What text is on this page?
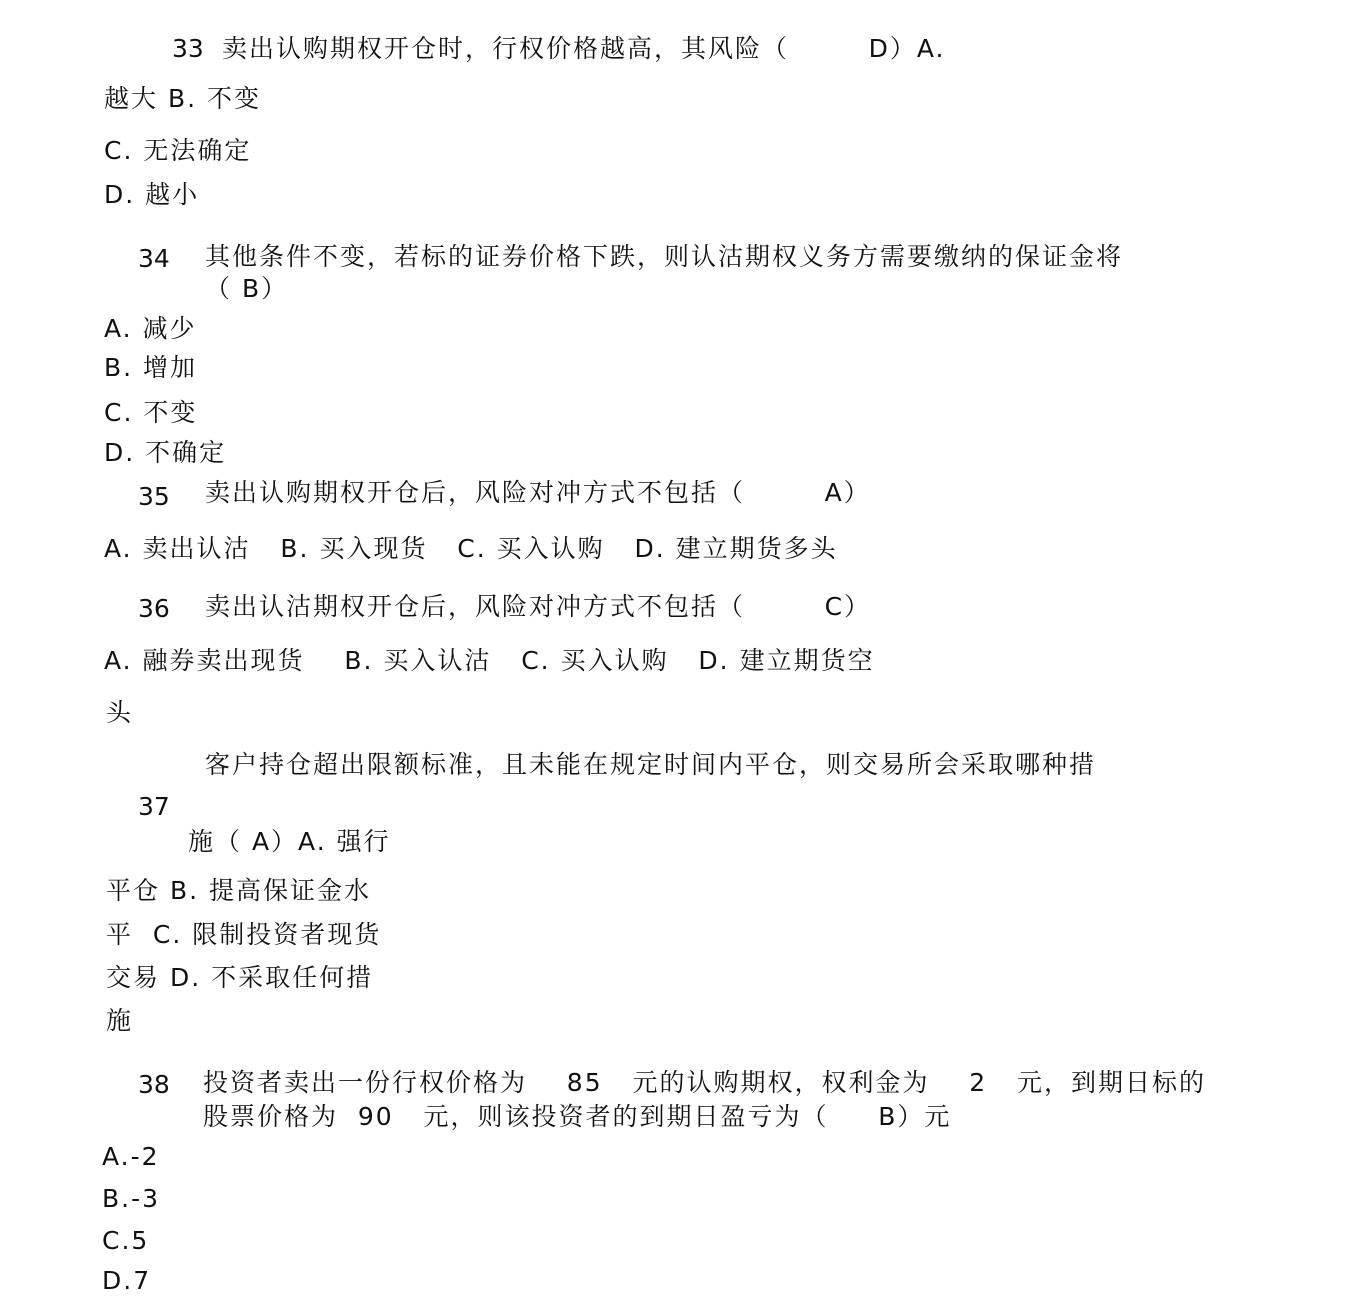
33 卖出认购期权开仓时，行权价格越高，其风险（        D）A.
越大 B. 不变
C. 无法确定
D. 越小
34 其他条件不变，若标的证券价格下跌，则认沽期权义务方需要缴纳的保证金将
（ B）
A. 减少
B. 增加
C. 不变
D. 不确定
35 卖出认购期权开仓后，风险对冲方式不包括（        A）
A. 卖出认沽   B. 买入现货   C. 买入认购   D. 建立期货多头
36 卖出认沽期权开仓后，风险对冲方式不包括（        C）
A. 融券卖出现货    B. 买入认沽   C. 买入认购   D. 建立期货空
头
客户持仓超出限额标准，且未能在规定时间内平仓，则交易所会采取哪种措
37
施（ A）A. 强行
平仓 B. 提高保证金水
平  C. 限制投资者现货
交易 D. 不采取任何措
施
38 投资者卖出一份行权价格为    85   元的认购期权，权利金为    2   元，到期日标的
股票价格为  90   元，则该投资者的到期日盈亏为（     B）元
A.-2
B.-3
C.5
D.7
